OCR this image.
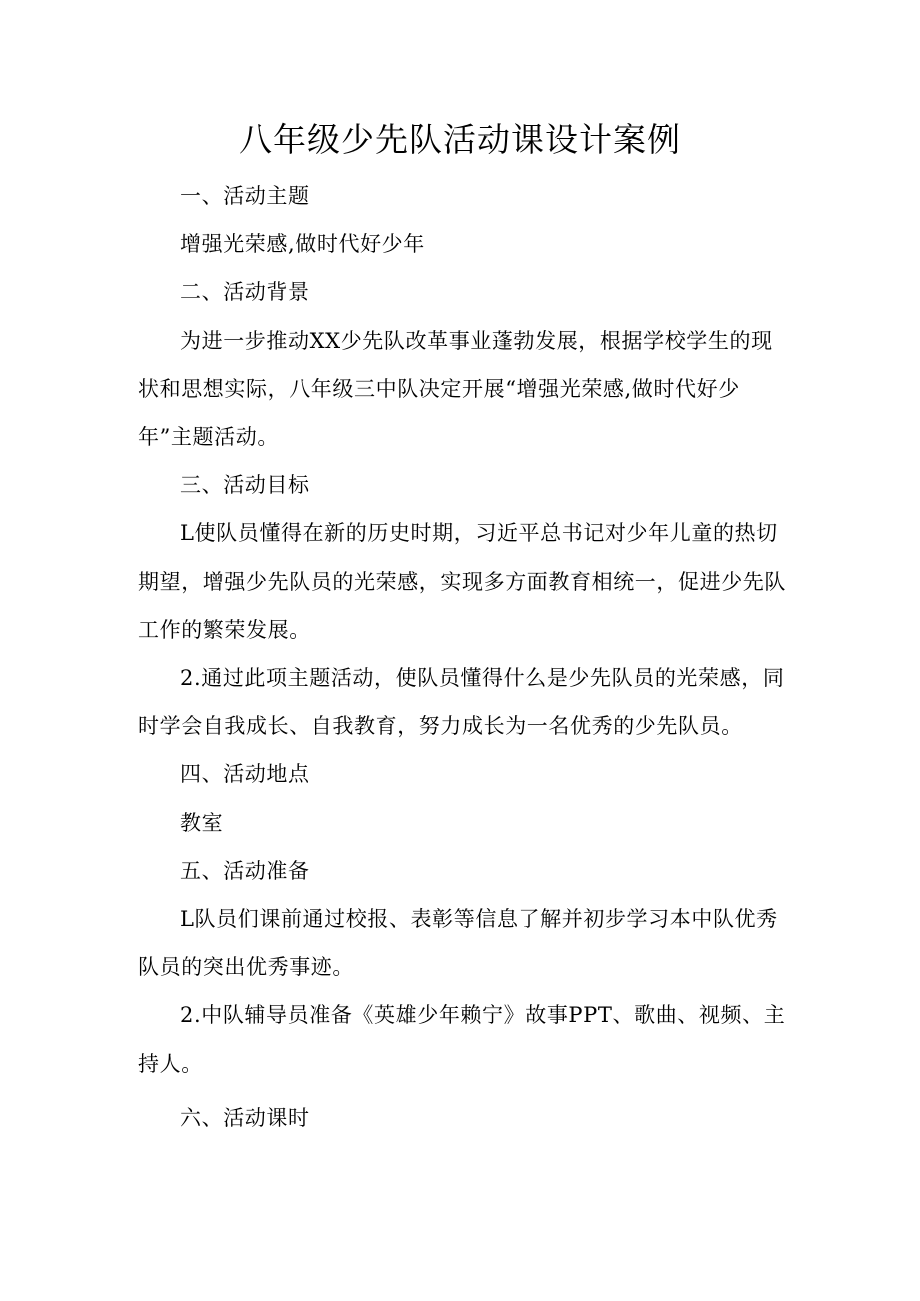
八年级少先队活动课设计案例

一、活动主题

增强光荣感,做时代好少年

二、活动背景

为进一步推动XX少先队改革事业蓬勃发展，根据学校学生的现状和思想实际，八年级三中队决定开展“增强光荣感,做时代好少年”主题活动。

三、活动目标

L使队员懂得在新的历史时期，习近平总书记对少年儿童的热切期望，增强少先队员的光荣感，实现多方面教育相统一，促进少先队工作的繁荣发展。

2.通过此项主题活动，使队员懂得什么是少先队员的光荣感，同时学会自我成长、自我教育，努力成长为一名优秀的少先队员。

四、活动地点

教室

五、活动准备

L队员们课前通过校报、表彰等信息了解并初步学习本中队优秀队员的突出优秀事迹。

2.中队辅导员准备《英雄少年赖宁》故事PPT、歌曲、视频、主持人。

六、活动课时
